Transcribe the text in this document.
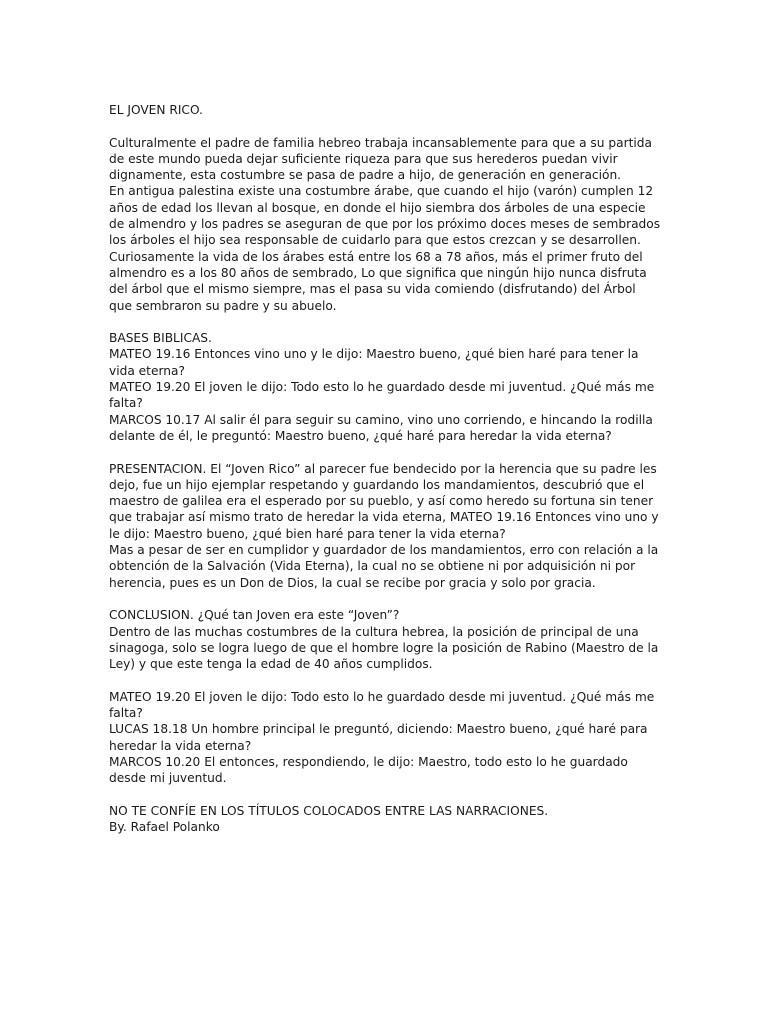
EL JOVEN RICO.

Culturalmente el padre de familia hebreo trabaja incansablemente para que a su partida de este mundo pueda dejar suficiente riqueza para que sus herederos puedan vivir dignamente, esta costumbre se pasa de padre a hijo, de generación en generación.

En antigua palestina existe una costumbre árabe, que cuando el hijo (varón) cumplen 12 años de edad los llevan al bosque, en donde el hijo siembra dos árboles de una especie de almendro y los padres se aseguran de que por los próximo doces meses de sembrados los árboles el hijo sea responsable de cuidarlo para que estos crezcan y se desarrollen. Curiosamente la vida de los árabes está entre los 68 a 78 años, más el primer fruto del almendro es a los 80 años de sembrado, Lo que significa que ningún hijo nunca disfruta del árbol que el mismo siempre, mas el pasa su vida comiendo (disfrutando) del Árbol que sembraron su padre y su abuelo.

BASES BIBLICAS.

MATEO 19.16 Entonces vino uno y le dijo: Maestro bueno, ¿qué bien haré para tener la vida eterna?

MATEO 19.20 El joven le dijo: Todo esto lo he guardado desde mi juventud. ¿Qué más me falta?

MARCOS 10.17 Al salir él para seguir su camino, vino uno corriendo, e hincando la rodilla delante de él, le preguntó: Maestro bueno, ¿qué haré para heredar la vida eterna?

PRESENTACION. El “Joven Rico” al parecer fue bendecido por la herencia que su padre les dejo, fue un hijo ejemplar respetando y guardando los mandamientos, descubrió que el maestro de galilea era el esperado por su pueblo, y así como heredo su fortuna sin tener que trabajar así mismo trato de heredar la vida eterna, MATEO 19.16 Entonces vino uno y le dijo: Maestro bueno, ¿qué bien haré para tener la vida eterna?

Mas a pesar de ser en cumplidor y guardador de los mandamientos, erro con relación a la obtención de la Salvación (Vida Eterna), la cual no se obtiene ni por adquisición ni por herencia, pues es un Don de Dios, la cual se recibe por gracia y solo por gracia.

CONCLUSION. ¿Qué tan Joven era este “Joven”?

Dentro de las muchas costumbres de la cultura hebrea, la posición de principal de una sinagoga, solo se logra luego de que el hombre logre la posición de Rabino (Maestro de la Ley) y que este tenga la edad de 40 años cumplidos.

MATEO 19.20 El joven le dijo: Todo esto lo he guardado desde mi juventud. ¿Qué más me falta?

LUCAS 18.18 Un hombre principal le preguntó, diciendo: Maestro bueno, ¿qué haré para heredar la vida eterna?

MARCOS 10.20 El entonces, respondiendo, le dijo: Maestro, todo esto lo he guardado desde mi juventud.

NO TE CONFÍE EN LOS TÍTULOS COLOCADOS ENTRE LAS NARRACIONES.

By. Rafael Polanko
